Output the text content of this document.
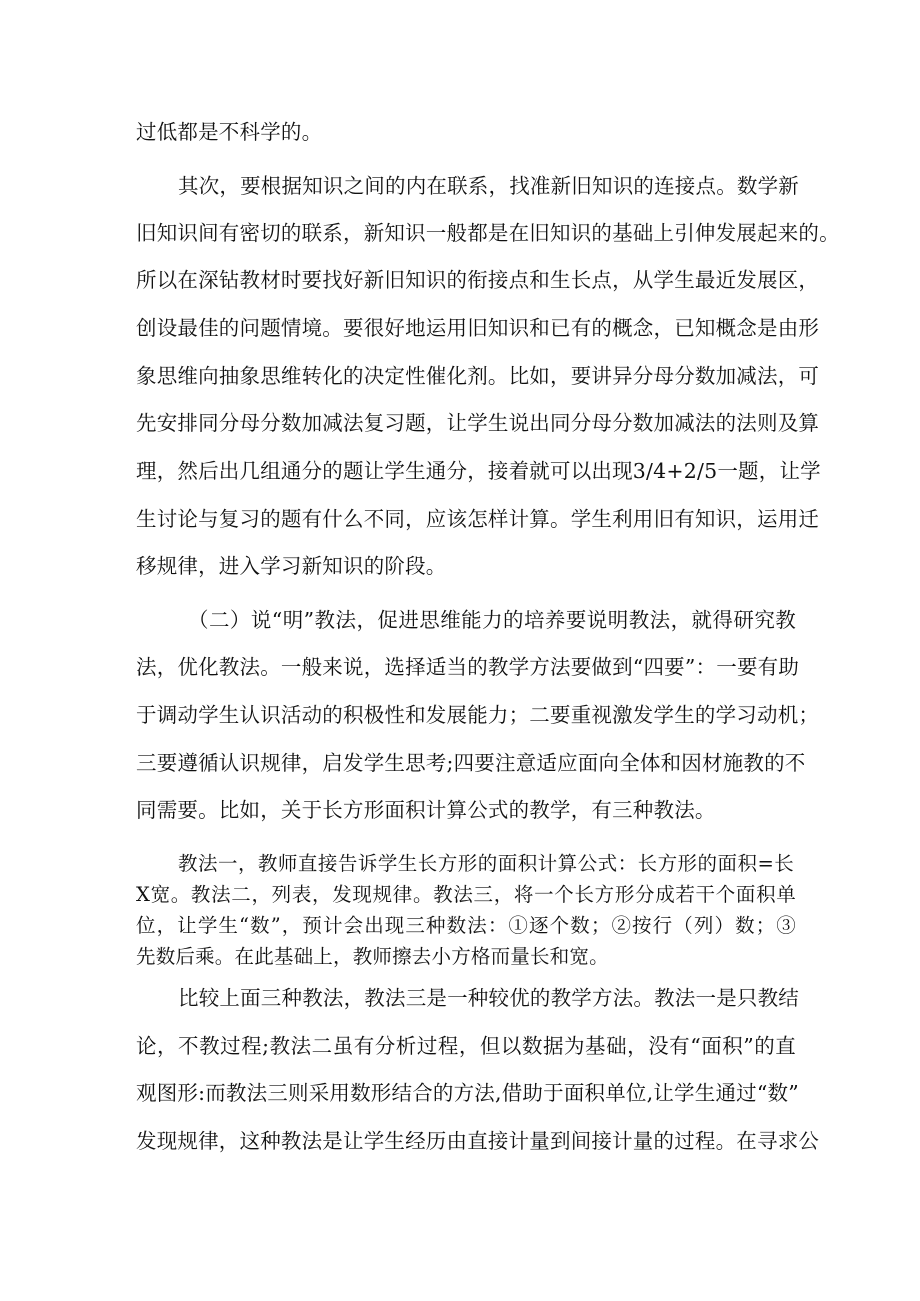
过低都是不科学的。
其次，要根据知识之间的内在联系，找准新旧知识的连接点。数学新
旧知识间有密切的联系，新知识一般都是在旧知识的基础上引伸发展起来的。
所以在深钻教材时要找好新旧知识的衔接点和生长点，从学生最近发展区，
创设最佳的问题情境。要很好地运用旧知识和已有的概念，已知概念是由形
象思维向抽象思维转化的决定性催化剂。比如，要讲异分母分数加减法，可
先安排同分母分数加减法复习题，让学生说出同分母分数加减法的法则及算
理，然后出几组通分的题让学生通分，接着就可以出现3/4+2/5一题，让学
生讨论与复习的题有什么不同，应该怎样计算。学生利用旧有知识，运用迁
移规律，进入学习新知识的阶段。
（二）说“明”教法，促进思维能力的培养要说明教法，就得研究教
法，优化教法。一般来说，选择适当的教学方法要做到“四要”：一要有助
于调动学生认识活动的积极性和发展能力；二要重视激发学生的学习动机；
三要遵循认识规律，启发学生思考;四要注意适应面向全体和因材施教的不
同需要。比如，关于长方形面积计算公式的教学，有三种教法。
教法一，教师直接告诉学生长方形的面积计算公式：长方形的面积=长
X宽。教法二，列表，发现规律。教法三，将一个长方形分成若干个面积单
位，让学生“数”，预计会出现三种数法：①逐个数；②按行（列）数；③
先数后乘。在此基础上，教师擦去小方格而量长和宽。
比较上面三种教法，教法三是一种较优的教学方法。教法一是只教结
论，不教过程;教法二虽有分析过程，但以数据为基础，没有“面积”的直
观图形:而教法三则采用数形结合的方法,借助于面积单位,让学生通过“数”
发现规律，这种教法是让学生经历由直接计量到间接计量的过程。在寻求公
